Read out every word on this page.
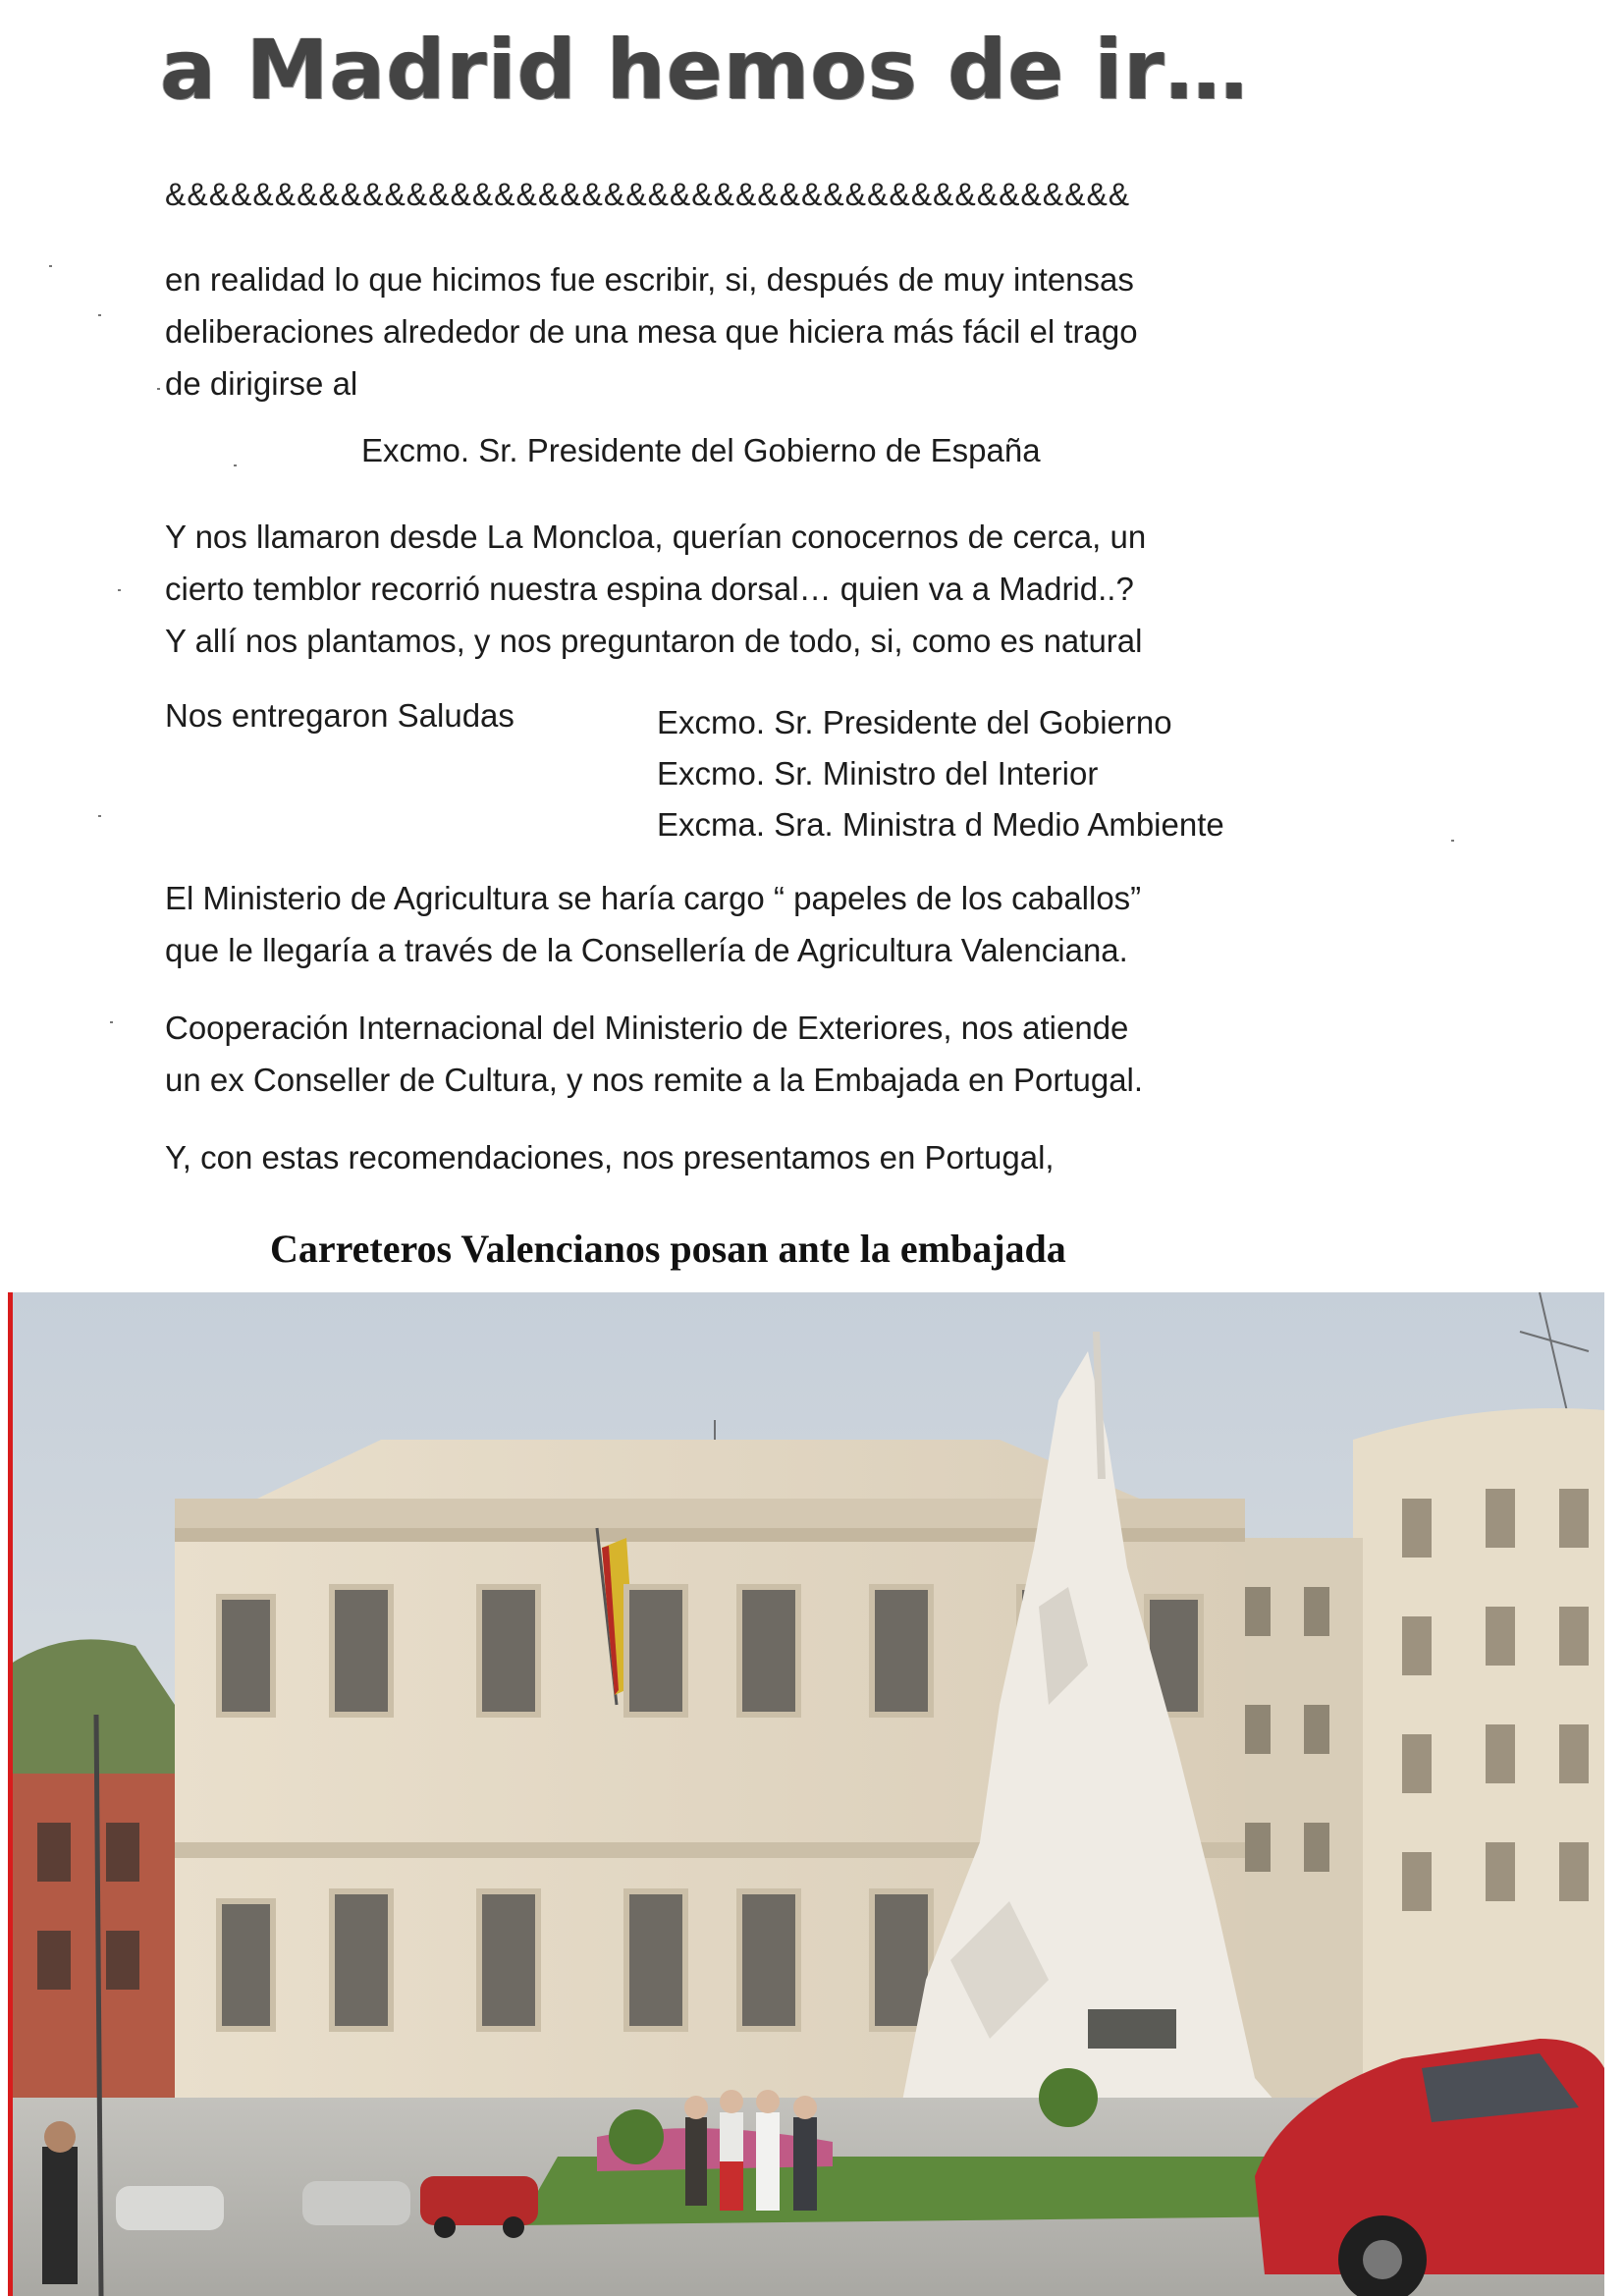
a Madrid hemos de ir…
&&&&&&&&&&&&&&&&&&&&&&&&&&&&&&&&&&&&&&&&&&&&
en realidad lo que hicimos fue escribir, si, después de muy intensas
deliberaciones alrededor de una mesa que hiciera más fácil el trago
de dirigirse al
Excmo. Sr. Presidente del Gobierno de España
Y nos llamaron desde La Moncloa, querían conocernos de cerca, un
cierto temblor recorrió nuestra espina dorsal… quien va a Madrid..?
Y allí nos plantamos, y nos preguntaron de todo, si, como es natural
Nos entregaron Saludas	Excmo. Sr. Presidente del Gobierno
Excmo. Sr. Ministro del Interior
Excma. Sra. Ministra d Medio Ambiente
El Ministerio de Agricultura se haría cargo “ papeles de los caballos”
que le llegaría a través de la Consellería de Agricultura Valenciana.
Cooperación Internacional del Ministerio de Exteriores, nos atiende
un ex Conseller de Cultura, y nos remite a la Embajada en Portugal.
Y, con estas recomendaciones, nos presentamos en Portugal,
Carreteros Valencianos posan ante la embajada
